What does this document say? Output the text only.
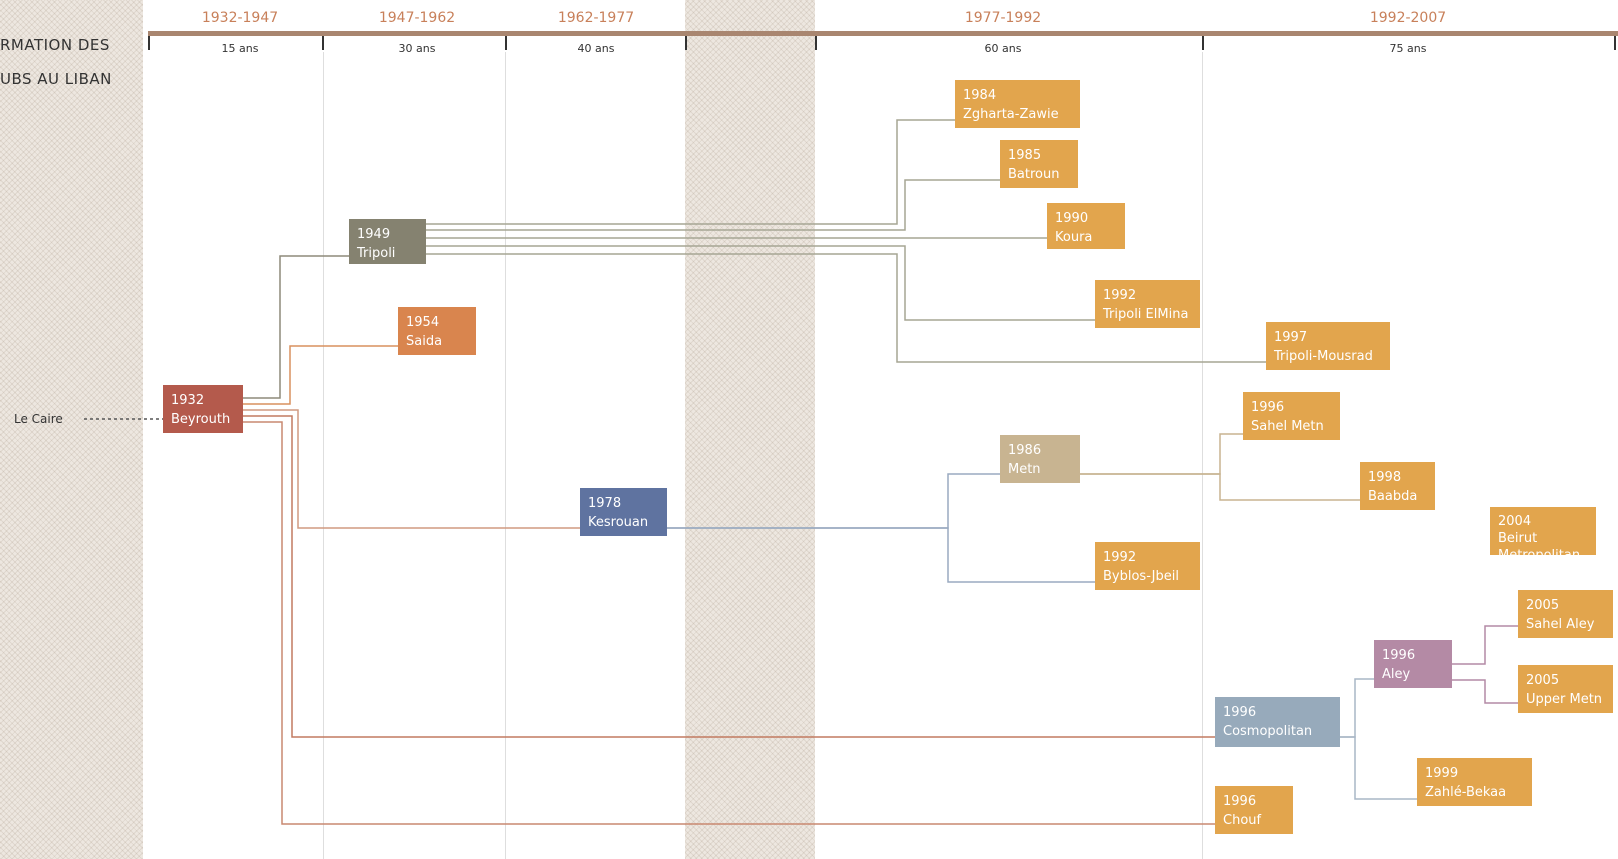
RMATION DES
UBS AU LIBAN
1932-1947	1947-1962	1962-1977	1977-1992	1992-2007
15 ans	30 ans	40 ans	60 ans	75 ans
Le Caire
1932
Beyrouth
1949
Tripoli
1954
Saida
1978
Kesrouan
1984
Zgharta-Zawie
1985
Batroun
1990
Koura
1992
Tripoli ElMina
1997
Tripoli-Mousrad
1986
Metn
1996
Sahel Metn
1998
Baabda
1992
Byblos-Jbeil
2004
Beirut Metropolitan
2005
Sahel Aley
2005
Upper Metn
1996
Aley
1996
Cosmopolitan
1999
Zahlé-Bekaa
1996
Chouf
